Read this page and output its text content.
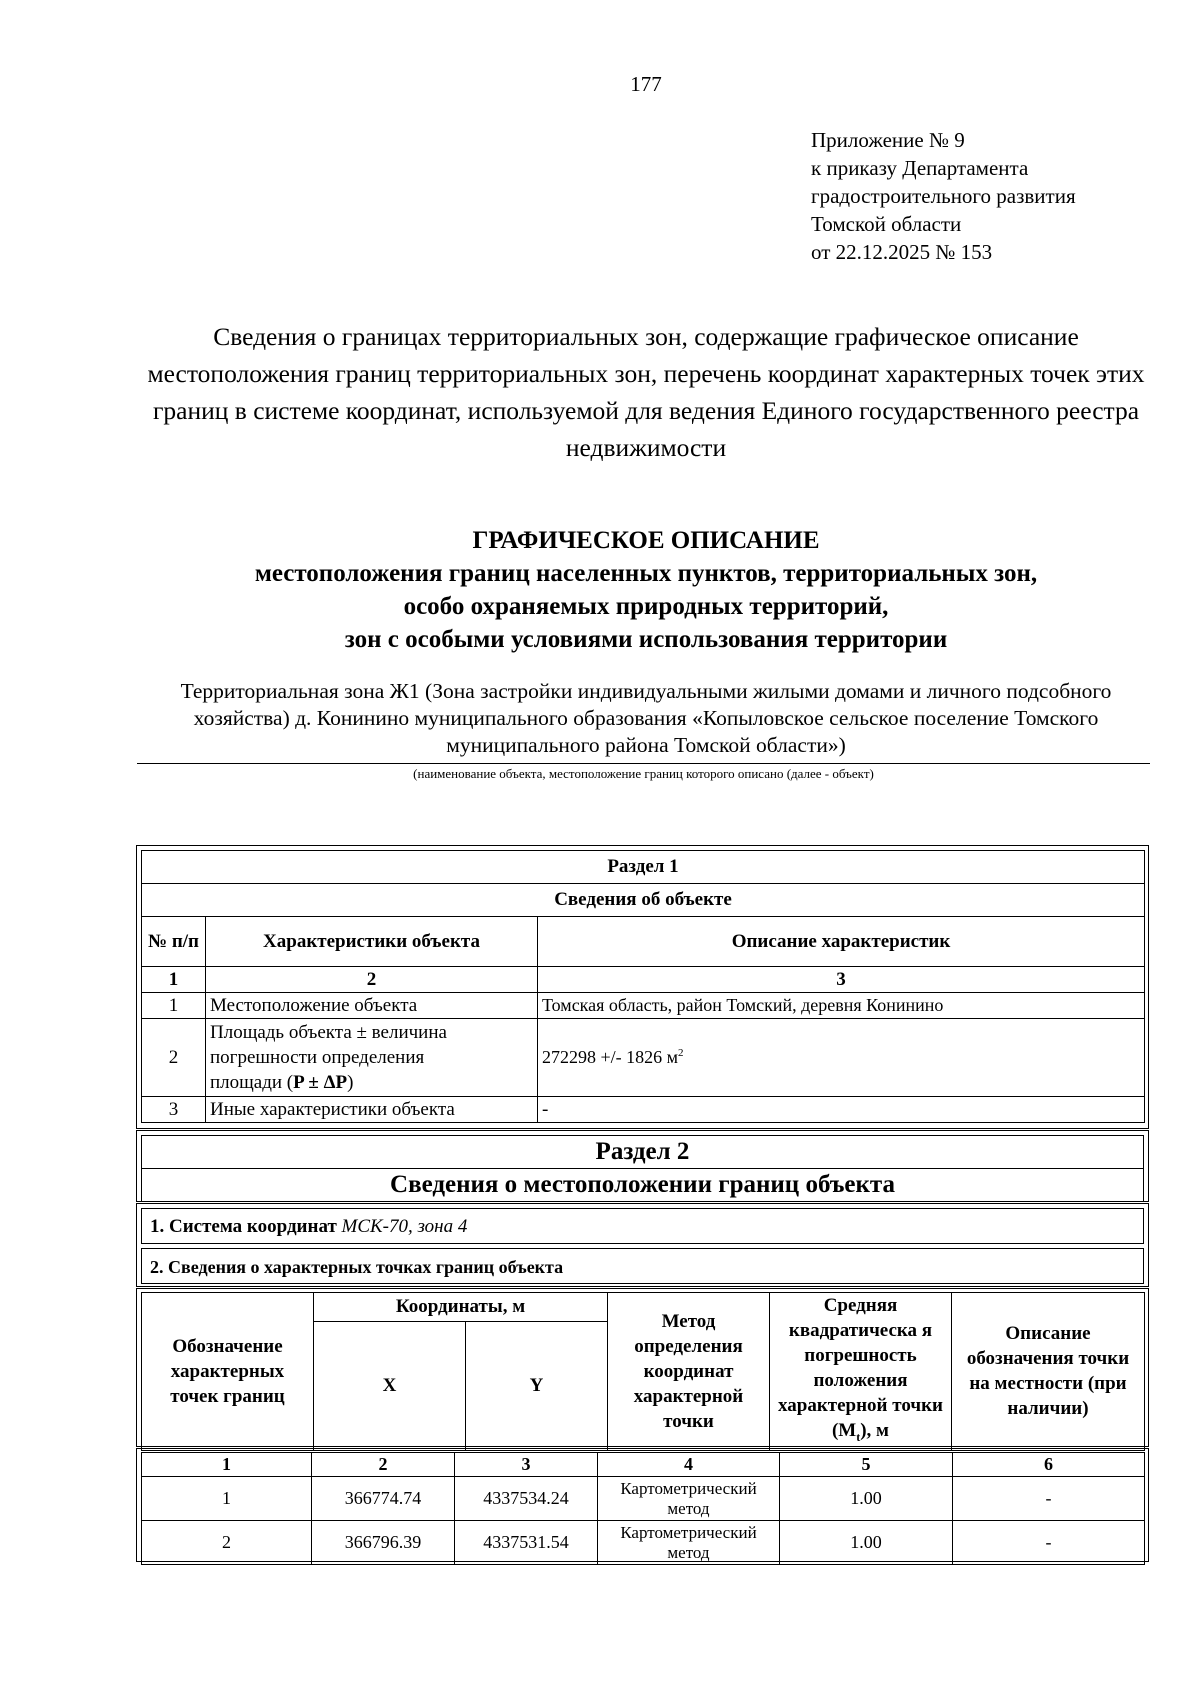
177
Приложение № 9
к приказу Департамента
градостроительного развития
Томской области
от 22.12.2025 № 153
Сведения о границах территориальных зон, содержащие графическое описание местоположения границ территориальных зон, перечень координат характерных точек этих границ в системе координат, используемой для ведения Единого государственного реестра недвижимости
ГРАФИЧЕСКОЕ ОПИСАНИЕ
местоположения границ населенных пунктов, территориальных зон,
особо охраняемых природных территорий,
зон с особыми условиями использования территории
Территориальная зона Ж1 (Зона застройки индивидуальными жилыми домами и личного подсобного хозяйства) д. Конинино муниципального образования «Копыловское сельское поселение Томского муниципального района Томской области»)
(наименование объекта, местоположение границ которого описано (далее - объект)
Раздел 1		
Сведения об объекте		
№ п/п	Характеристики объекта	Описание характеристик
1	2	3
1	Местоположение объекта	Томская область, район Томский, деревня Конинино
2	Площадь объекта ± величина
погрешности определения
площади (P ± ΔP)	272298 +/- 1826 $м^2$
3	Иные характеристики объекта	-
Раздел 2
Сведения о местоположении границ объекта
1. Система координат МСК-70, зона 4
2. Сведения о характерных точках границ объекта
Обозначение характерных точек границ	Координаты, м		Метод определения координат характерной точки	Средняя квадратическа я погрешность положения характерной точки $(M_t)$, м	Описание обозначения точки на местности (при наличии)
	X	Y			
1	2	3	4	5	6
1	366774.74	4337534.24	Картометрический метод	1.00	-
2	366796.39	4337531.54	Картометрический метод	1.00	-
